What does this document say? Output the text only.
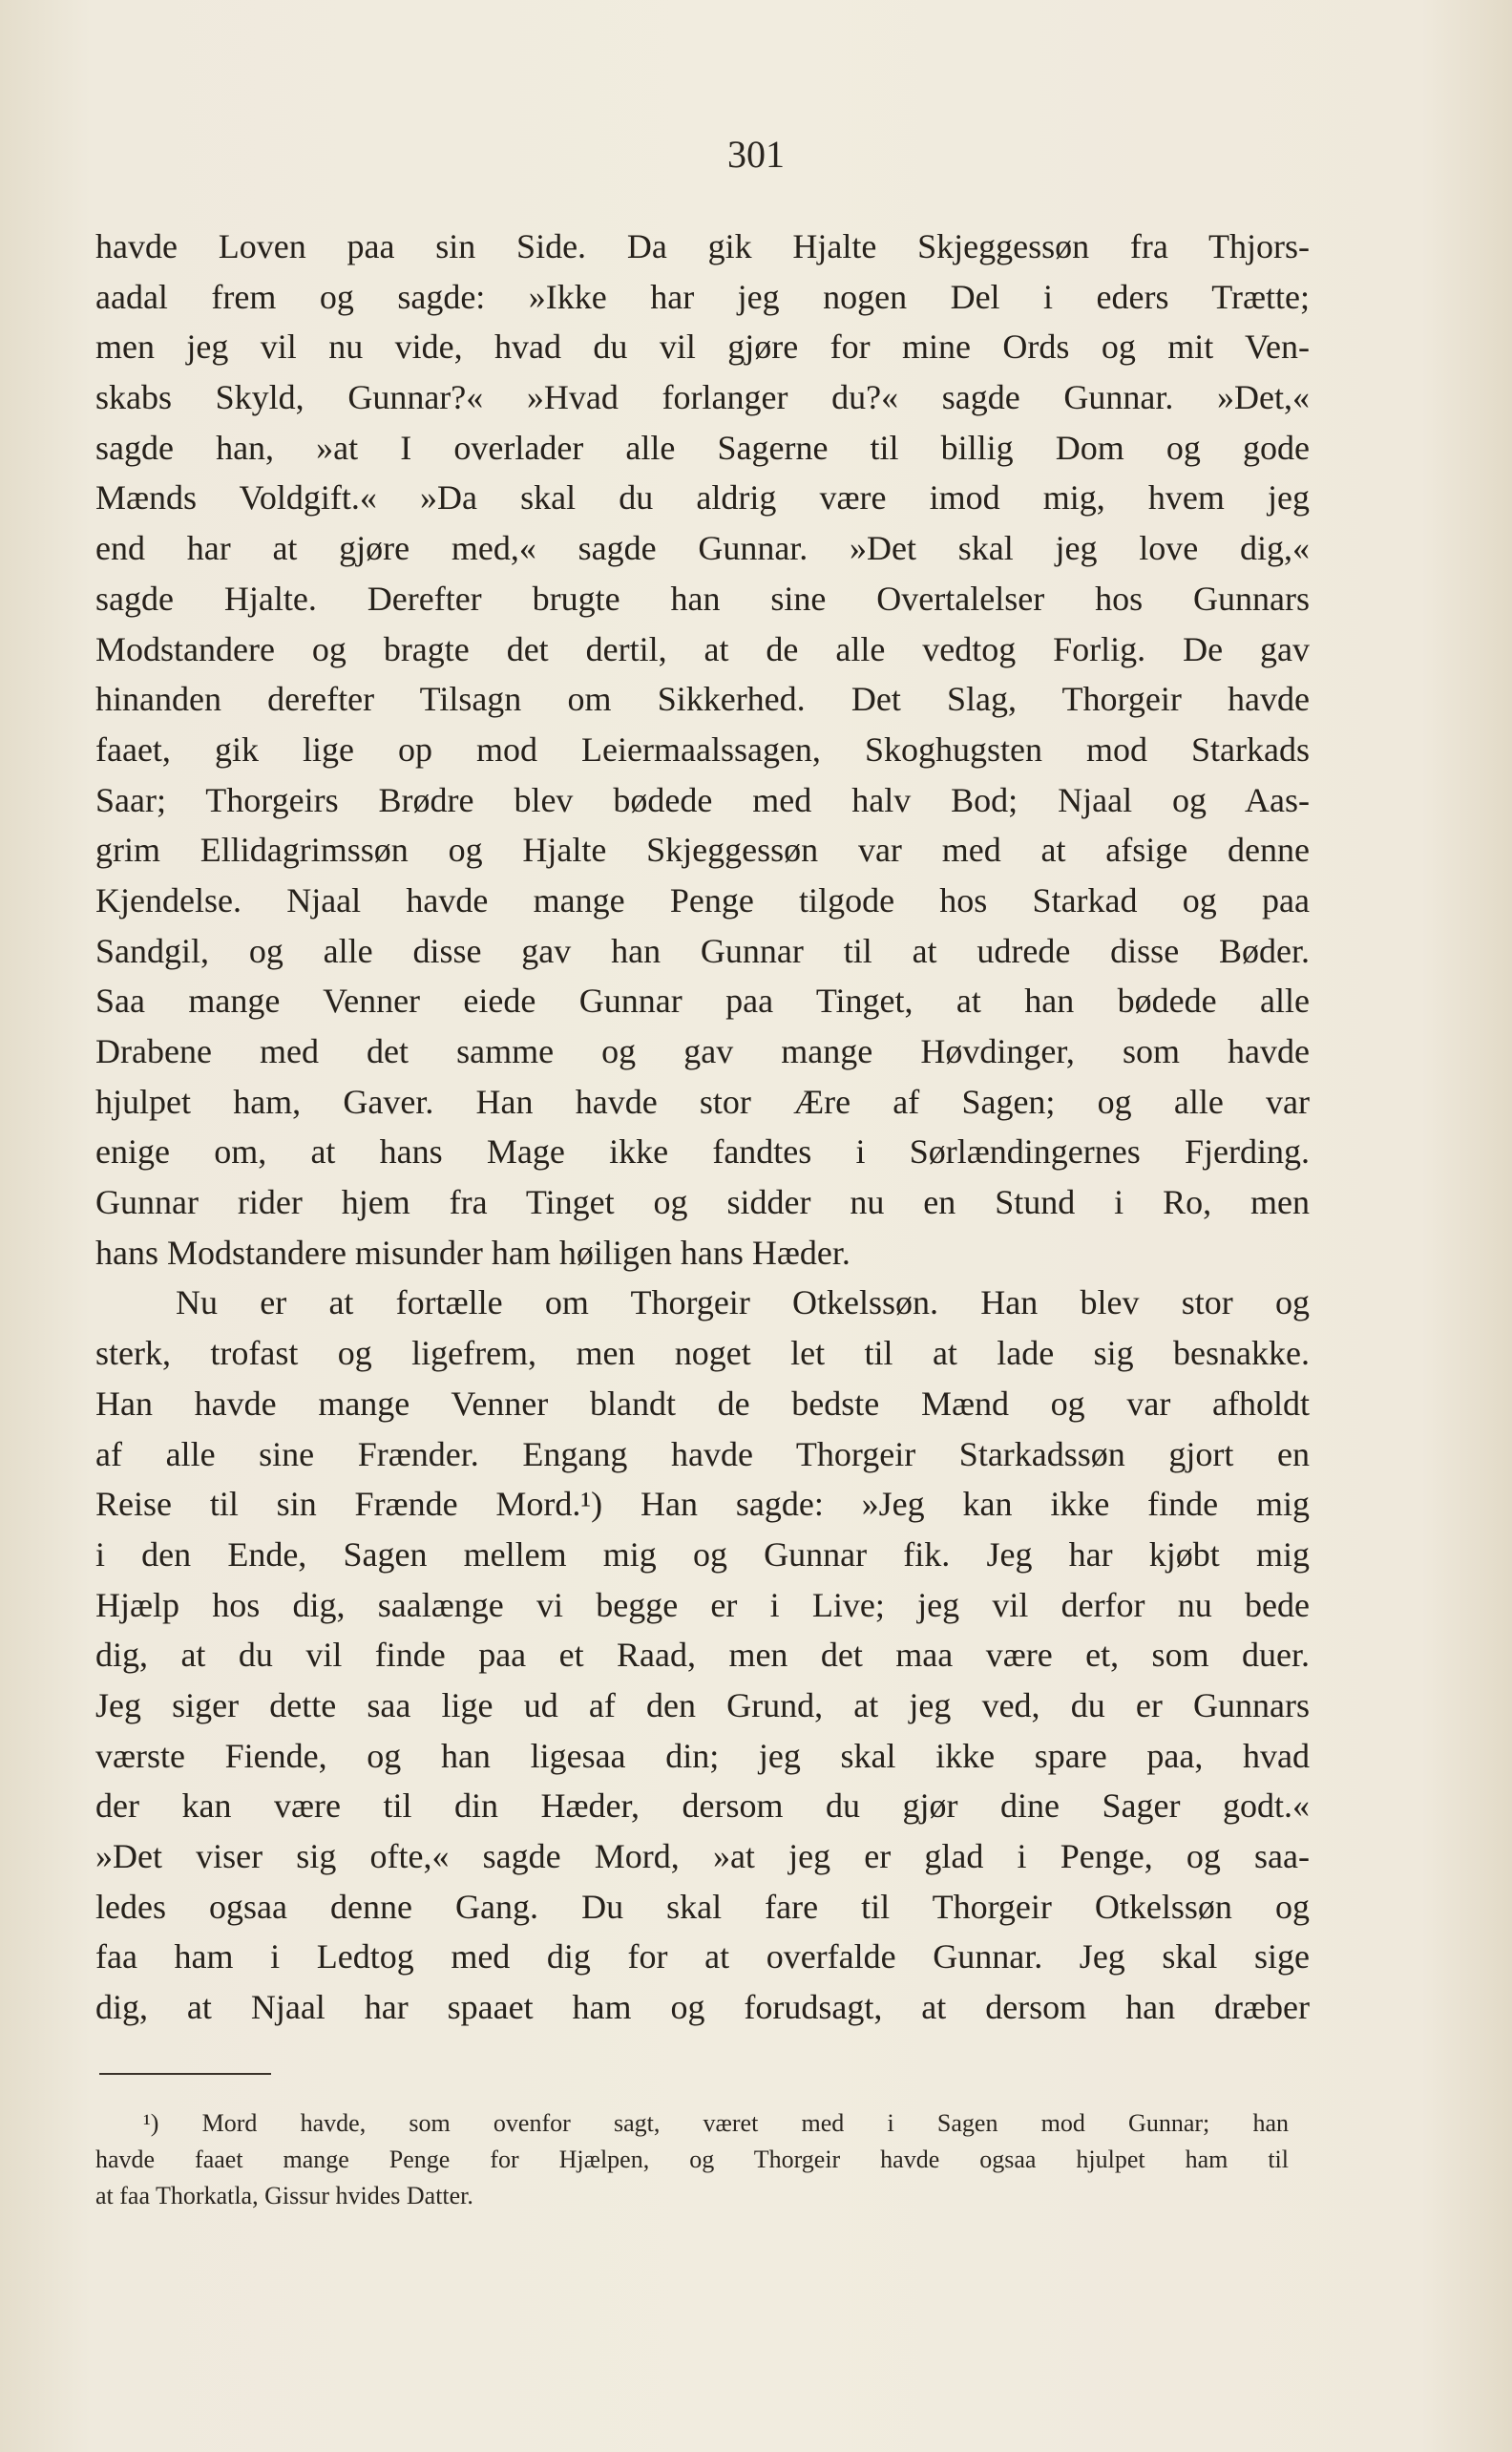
301
havde Loven paa sin Side. Da gik Hjalte Skjeggessøn fra Thjors-
aadal frem og sagde: »Ikke har jeg nogen Del i eders Trætte;
men jeg vil nu vide, hvad du vil gjøre for mine Ords og mit Ven-
skabs Skyld, Gunnar?« »Hvad forlanger du?« sagde Gunnar. »Det,«
sagde han, »at I overlader alle Sagerne til billig Dom og gode
Mænds Voldgift.« »Da skal du aldrig være imod mig, hvem jeg
end har at gjøre med,« sagde Gunnar. »Det skal jeg love dig,«
sagde Hjalte. Derefter brugte han sine Overtalelser hos Gunnars
Modstandere og bragte det dertil, at de alle vedtog Forlig. De gav
hinanden derefter Tilsagn om Sikkerhed. Det Slag, Thorgeir havde
faaet, gik lige op mod Leiermaalssagen, Skoghugsten mod Starkads
Saar; Thorgeirs Brødre blev bødede med halv Bod; Njaal og Aas-
grim Ellidagrimssøn og Hjalte Skjeggessøn var med at afsige denne
Kjendelse. Njaal havde mange Penge tilgode hos Starkad og paa
Sandgil, og alle disse gav han Gunnar til at udrede disse Bøder.
Saa mange Venner eiede Gunnar paa Tinget, at han bødede alle
Drabene med det samme og gav mange Høvdinger, som havde
hjulpet ham, Gaver. Han havde stor Ære af Sagen; og alle var
enige om, at hans Mage ikke fandtes i Sørlændingernes Fjerding.
Gunnar rider hjem fra Tinget og sidder nu en Stund i Ro, men
hans Modstandere misunder ham høiligen hans Hæder.
Nu er at fortælle om Thorgeir Otkelssøn. Han blev stor og
sterk, trofast og ligefrem, men noget let til at lade sig besnakke.
Han havde mange Venner blandt de bedste Mænd og var afholdt
af alle sine Frænder. Engang havde Thorgeir Starkadssøn gjort en
Reise til sin Frænde Mord.¹) Han sagde: »Jeg kan ikke finde mig
i den Ende, Sagen mellem mig og Gunnar fik. Jeg har kjøbt mig
Hjælp hos dig, saalænge vi begge er i Live; jeg vil derfor nu bede
dig, at du vil finde paa et Raad, men det maa være et, som duer.
Jeg siger dette saa lige ud af den Grund, at jeg ved, du er Gunnars
værste Fiende, og han ligesaa din; jeg skal ikke spare paa, hvad
der kan være til din Hæder, dersom du gjør dine Sager godt.«
»Det viser sig ofte,« sagde Mord, »at jeg er glad i Penge, og saa-
ledes ogsaa denne Gang. Du skal fare til Thorgeir Otkelssøn og
faa ham i Ledtog med dig for at overfalde Gunnar. Jeg skal sige
dig, at Njaal har spaaet ham og forudsagt, at dersom han dræber
¹) Mord havde, som ovenfor sagt, været med i Sagen mod Gunnar; han
havde faaet mange Penge for Hjælpen, og Thorgeir havde ogsaa hjulpet ham til
at faa Thorkatla, Gissur hvides Datter.
